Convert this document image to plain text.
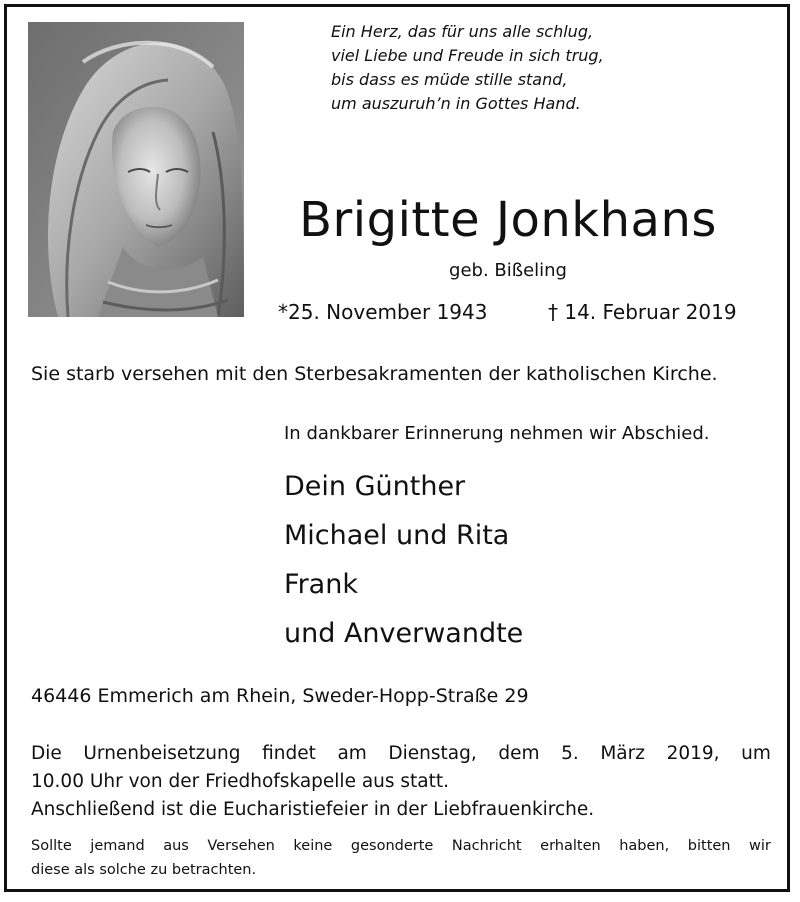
Ein Herz, das für uns alle schlug,
viel Liebe und Freude in sich trug,
bis dass es müde stille stand,
um auszuruh’n in Gottes Hand.
Brigitte Jonkhans
geb. Bißeling
*25. November 1943	† 14. Februar 2019
Sie starb versehen mit den Sterbesakramenten der katholischen Kirche.
In dankbarer Erinnerung nehmen wir Abschied.
Dein Günther
Michael und Rita
Frank
und Anverwandte
46446 Emmerich am Rhein, Sweder-Hopp-Straße 29
Die Urnenbeisetzung findet am Dienstag, dem 5. März 2019, um
10.00 Uhr von der Friedhofskapelle aus statt.
Anschließend ist die Eucharistiefeier in der Liebfrauenkirche.
Sollte jemand aus Versehen keine gesonderte Nachricht erhalten haben, bitten wir
diese als solche zu betrachten.
